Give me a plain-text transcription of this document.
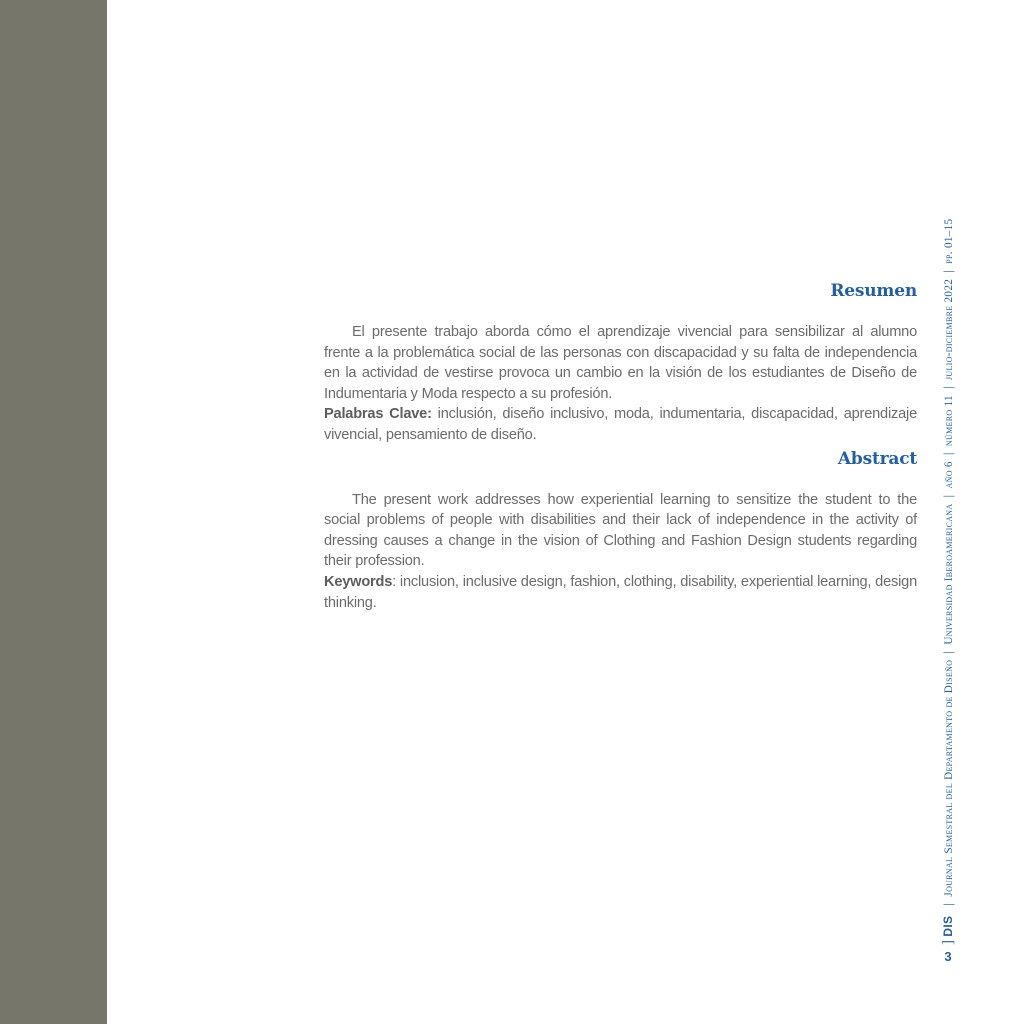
Resumen

El presente trabajo aborda cómo el aprendizaje vivencial para sensibilizar al alumno frente a la problemática social de las personas con discapacidad y su falta de independencia en la actividad de vestirse provoca un cambio en la visión de los estudiantes de Diseño de Indumentaria y Moda respecto a su profesión.

Palabras Clave: inclusión, diseño inclusivo, moda, indumentaria, discapacidad, aprendizaje vivencial, pensamiento de diseño.

Abstract

The present work addresses how experiential learning to sensitize the student to the social problems of people with disabilities and their lack of independence in the activity of dressing causes a change in the vision of Clothing and Fashion Design students regarding their profession.

Keywords: inclusion, inclusive design, fashion, clothing, disability, experiential learning, design thinking.

] DIS | Journal Semestral del Departamento de Diseño | Universidad Iberoamericana | año 6 | número 11 | julio-diciembre 2022 | pp. 01–15
3
